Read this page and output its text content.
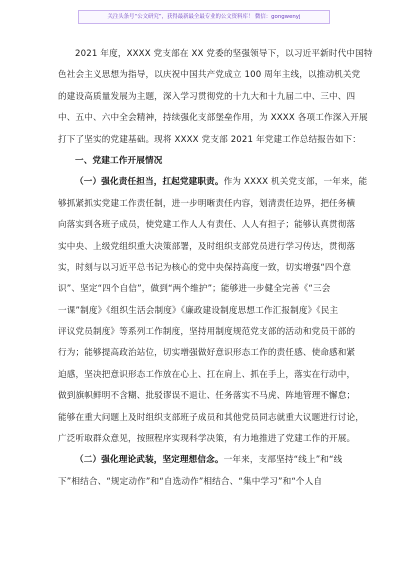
关注头条号“公文研究”，获得最新最全最专业的公文资料库！ 微信：gongwenyj
2021 年度，XXXX 党支部在 XX 党委的坚强领导下，以习近平新时代中国特
色社会主义思想为指导，以庆祝中国共产党成立 100 周年主线，以推动机关党
的建设高质量发展为主题，深入学习贯彻党的十九大和十九届二中、三中、四
中、五中、六中全会精神，持续强化支部堡垒作用，为 XXXX 各项工作深入开展
打下了坚实的党建基础。现将 XXXX 党支部 2021 年党建工作总结报告如下：
一、党建工作开展情况
（一）强化责任担当，扛起党建职责。作为 XXXX 机关党支部，一年来，能
够抓紧抓实党建工作责任制，进一步明晰责任内容，划清责任边界，把任务横
向落实到各班子成员，使党建工作人人有责任、人人有担子；能够认真贯彻落
实中央、上级党组织重大决策部署，及时组织支部党员进行学习传达，贯彻落
实，时刻与以习近平总书记为核心的党中央保持高度一致，切实增强“四个意
识”、坚定“四个自信”，做到“两个维护”；能够进一步健全完善《“三会
一课”制度》《组织生活会制度》《廉政建设制度思想工作汇报制度》《民主
评议党员制度》等系列工作制度，坚持用制度规范党支部的活动和党员干部的
行为；能够提高政治站位，切实增强做好意识形态工作的责任感、使命感和紧
迫感，坚决把意识形态工作放在心上、扛在肩上、抓在手上，落实在行动中，
做到旗帜鲜明不含糊、批驳谬误不退让、任务落实不马虎、阵地管理不懈怠；
能够在重大问题上及时组织支部班子成员和其他党员同志就重大议题进行讨论，
广泛听取群众意见，按照程序实现科学决策，有力地推进了党建工作的开展。
（二）强化理论武装，坚定理想信念。一年来，支部坚持“线上”和“线
下”相结合、“规定动作”和“自选动作”相结合、“集中学习”和“个人自
